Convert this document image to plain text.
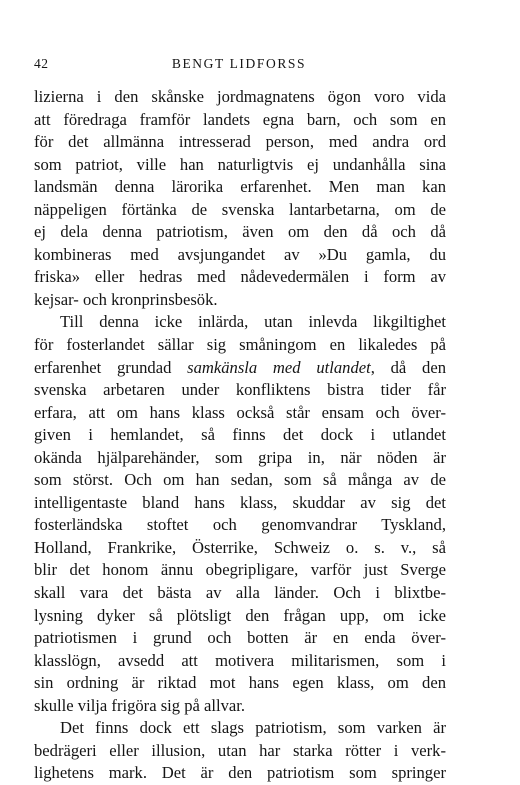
42	BENGT LIDFORSS
lizierna i den skånske jordmagnatens ögon voro vida
att föredraga framför landets egna barn, och som en
för det allmänna intresserad person, med andra ord
som patriot, ville han naturligtvis ej undanhålla sina
landsmän denna lärorika erfarenhet. Men man kan
näppeligen förtänka de svenska lantarbetarna, om de
ej dela denna patriotism, även om den då och då
kombineras med avsjungandet av »Du gamla, du
friska» eller hedras med nådevedermälen i form av
kejsar- och kronprinsbesök.
Till denna icke inlärda, utan inlevda likgiltighet
för fosterlandet sällar sig småningom en likaledes på
erfarenhet grundad samkänsla med utlandet, då den
svenska arbetaren under konfliktens bistra tider får
erfara, att om hans klass också står ensam och över-
given i hemlandet, så finns det dock i utlandet
okända hjälparehänder, som gripa in, när nöden är
som störst. Och om han sedan, som så många av de
intelligentaste bland hans klass, skuddar av sig det
fosterländska stoftet och genomvandrar Tyskland,
Holland, Frankrike, Österrike, Schweiz o. s. v., så
blir det honom ännu obegripligare, varför just Sverge
skall vara det bästa av alla länder. Och i blixtbe-
lysning dyker så plötsligt den frågan upp, om icke
patriotismen i grund och botten är en enda över-
klasslögn, avsedd att motivera militarismen, som i
sin ordning är riktad mot hans egen klass, om den
skulle vilja frigöra sig på allvar.
Det finns dock ett slags patriotism, som varken är
bedrägeri eller illusion, utan har starka rötter i verk-
lighetens mark. Det är den patriotism som springer
